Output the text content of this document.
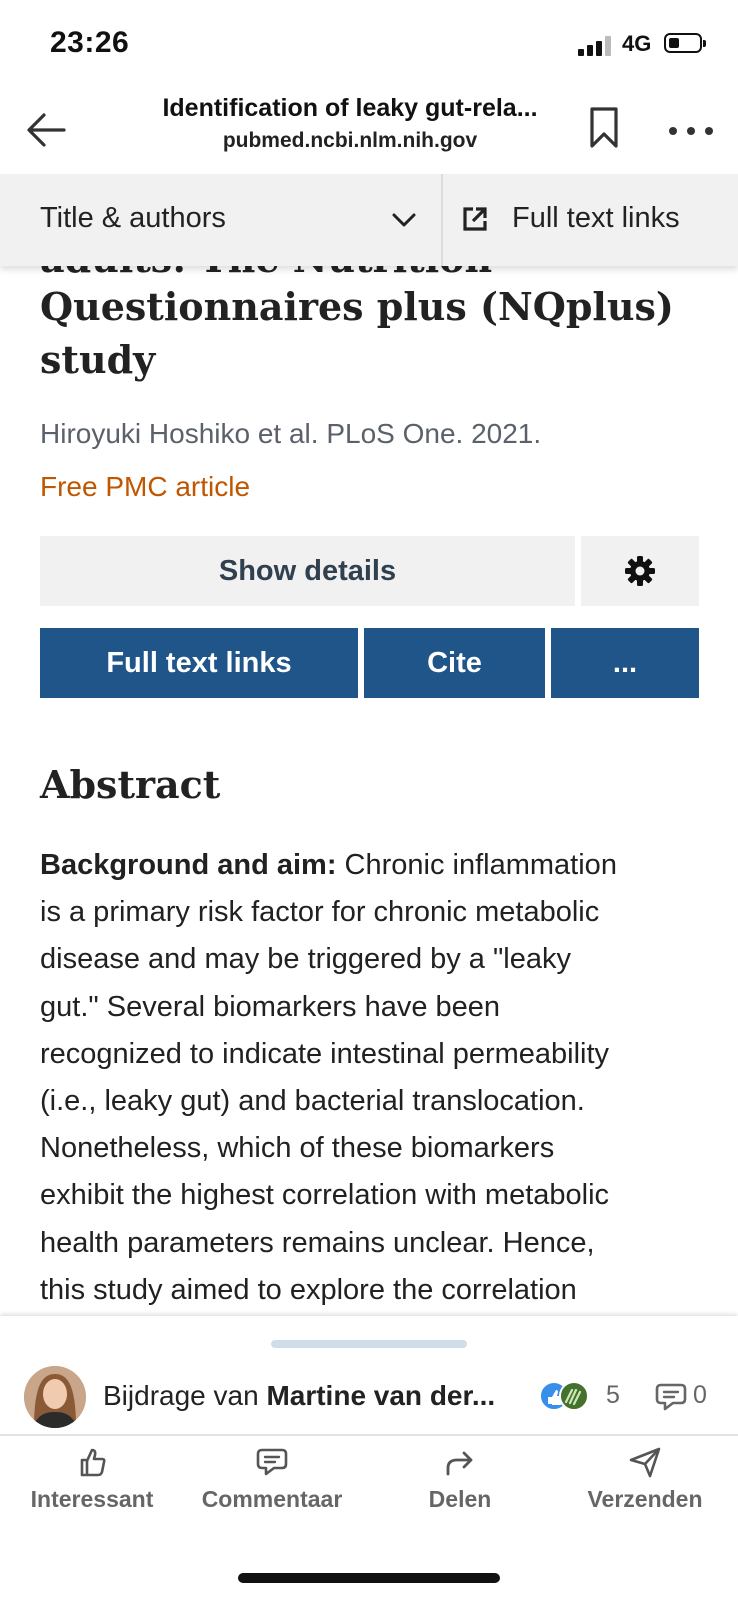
23:26	4G
Identification of leaky gut-rela...
pubmed.ncbi.nlm.nih.gov
Questionnaires plus (NQplus)
study
Hiroyuki Hoshiko et al. PLoS One. 2021.
Free PMC article
Show details
Full text links	Cite	...
Abstract
Background and aim: Chronic inflammation
is a primary risk factor for chronic metabolic
disease and may be triggered by a "leaky
gut." Several biomarkers have been
recognized to indicate intestinal permeability
(i.e., leaky gut) and bacterial translocation.
Nonetheless, which of these biomarkers
exhibit the highest correlation with metabolic
health parameters remains unclear. Hence,
this study aimed to explore the correlation
Title & authors	Full text links
Bijdrage van Martine van der...	5	0
Interessant	Commentaar	Delen	Verzenden
